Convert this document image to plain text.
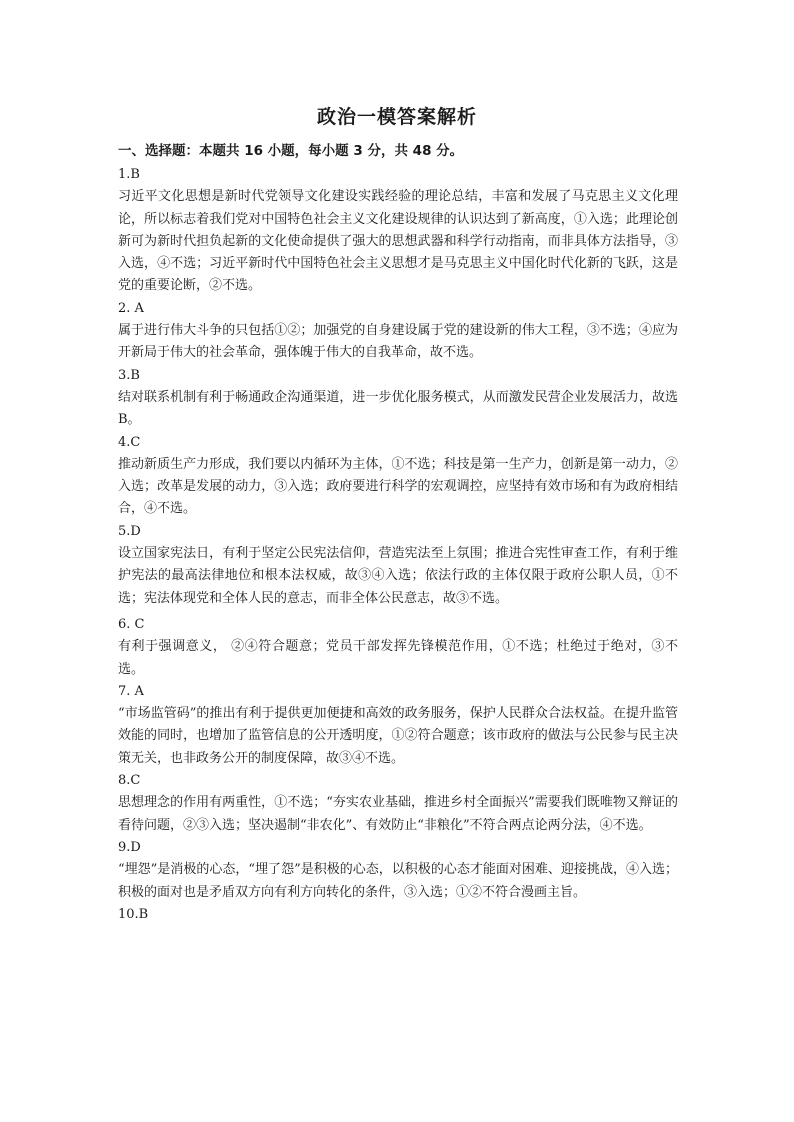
政治一模答案解析
一、选择题：本题共 16 小题，每小题 3 分，共 48 分。
1.B
习近平文化思想是新时代党领导文化建设实践经验的理论总结，丰富和发展了马克思主义文化理论，所以标志着我们党对中国特色社会主义文化建设规律的认识达到了新高度，①入选；此理论创新可为新时代担负起新的文化使命提供了强大的思想武器和科学行动指南，而非具体方法指导，③入选，④不选；习近平新时代中国特色社会主义思想才是马克思主义中国化时代化新的飞跃，这是党的重要论断，②不选。
2. A
属于进行伟大斗争的只包括①②；加强党的自身建设属于党的建设新的伟大工程，③不选；④应为开新局于伟大的社会革命，强体魄于伟大的自我革命，故不选。
3.B
结对联系机制有利于畅通政企沟通渠道，进一步优化服务模式，从而激发民营企业发展活力，故选 B。
4.C
推动新质生产力形成，我们要以内循环为主体，①不选；科技是第一生产力，创新是第一动力，②入选；改革是发展的动力，③入选；政府要进行科学的宏观调控，应坚持有效市场和有为政府相结合，④不选。
5.D
设立国家宪法日，有利于坚定公民宪法信仰，营造宪法至上氛围；推进合宪性审查工作，有利于维护宪法的最高法律地位和根本法权威，故③④入选；依法行政的主体仅限于政府公职人员，①不选；宪法体现党和全体人民的意志，而非全体公民意志，故③不选。
6. C
有利于强调意义， ②④符合题意；党员干部发挥先锋模范作用，①不选；杜绝过于绝对，③不选。
7. A
“市场监管码”的推出有利于提供更加便捷和高效的政务服务，保护人民群众合法权益。在提升监管效能的同时，也增加了监管信息的公开透明度，①②符合题意；该市政府的做法与公民参与民主决策无关，也非政务公开的制度保障，故③④不选。
8.C
思想理念的作用有两重性，①不选；“夯实农业基础，推进乡村全面振兴”需要我们既唯物又辩证的看待问题，②③入选；坚决遏制“非农化”、有效防止“非粮化”不符合两点论两分法，④不选。
9.D
“埋怨”是消极的心态，“埋了怨”是积极的心态，以积极的心态才能面对困难、迎接挑战，④入选；积极的面对也是矛盾双方向有利方向转化的条件，③入选；①②不符合漫画主旨。
10.B
